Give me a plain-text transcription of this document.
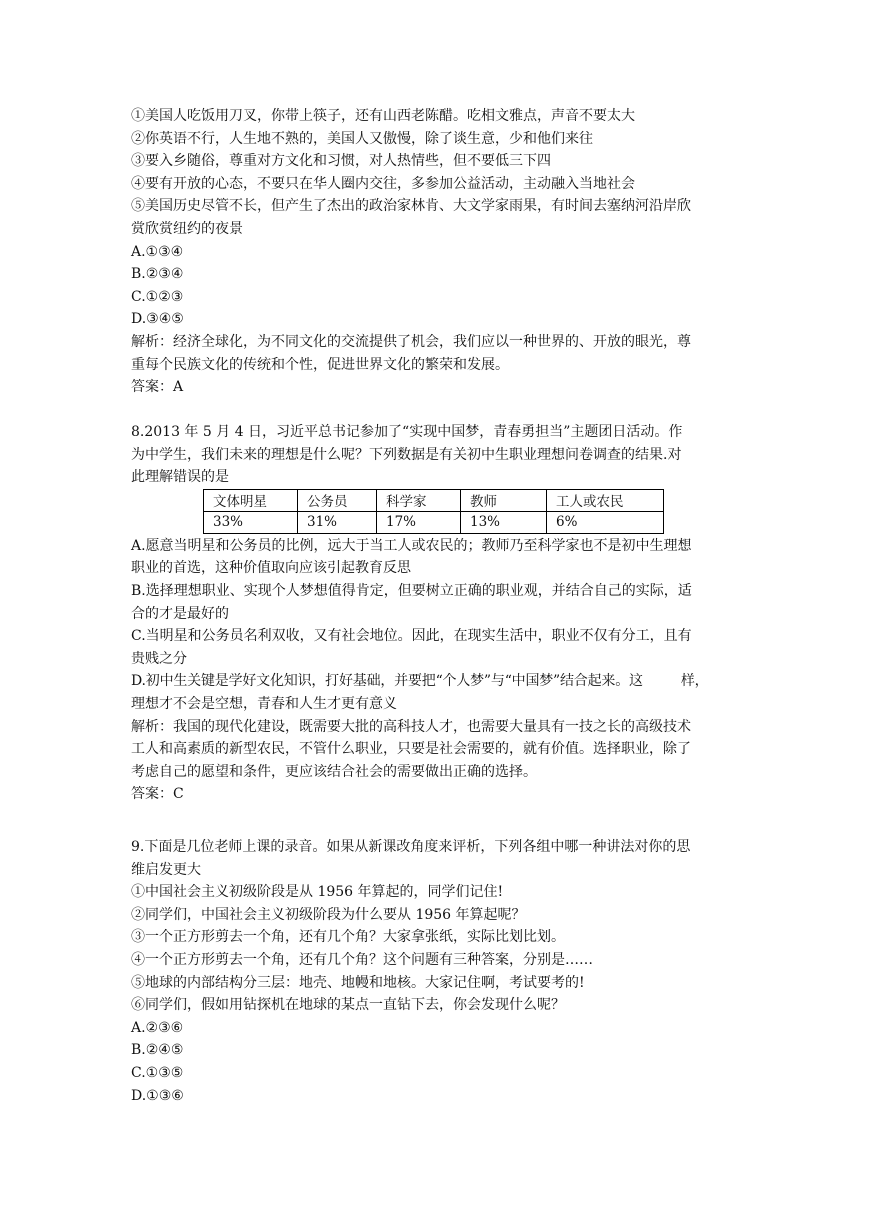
①美国人吃饭用刀叉，你带上筷子，还有山西老陈醋。吃相文雅点，声音不要太大
②你英语不行，人生地不熟的，美国人又傲慢，除了谈生意，少和他们来往
③要入乡随俗，尊重对方文化和习惯，对人热情些，但不要低三下四
④要有开放的心态，不要只在华人圈内交往，多参加公益活动，主动融入当地社会
⑤美国历史尽管不长，但产生了杰出的政治家林肯、大文学家雨果，有时间去塞纳河沿岸欣
赏欣赏纽约的夜景
A.①③④
B.②③④
C.①②③
D.③④⑤
解析：经济全球化，为不同文化的交流提供了机会，我们应以一种世界的、开放的眼光，尊
重每个民族文化的传统和个性，促进世界文化的繁荣和发展。
答案：A
8.2013 年 5 月 4 日，习近平总书记参加了“实现中国梦，青春勇担当”主题团日活动。作
为中学生，我们未来的理想是什么呢？下列数据是有关初中生职业理想问卷调查的结果.对
此理解错误的是
文体明星	公务员	科学家	教师	工人或农民
33%	31%	17%	13%	6%
A.愿意当明星和公务员的比例，远大于当工人或农民的；教师乃至科学家也不是初中生理想
职业的首选，这种价值取向应该引起教育反思
B.选择理想职业、实现个人梦想值得肯定，但要树立正确的职业观，并结合自己的实际，适
合的才是最好的
C.当明星和公务员名利双收，又有社会地位。因此，在现实生活中，职业不仅有分工，且有
贵贱之分
D.初中生关键是学好文化知识，打好基础，并要把“个人梦”与“中国梦”结合起来。这	样，
理想才不会是空想，青春和人生才更有意义
解析：我国的现代化建设，既需要大批的高科技人才，也需要大量具有一技之长的高级技术
工人和高素质的新型农民，不管什么职业，只要是社会需要的，就有价值。选择职业，除了
考虑自己的愿望和条件，更应该结合社会的需要做出正确的选择。
答案：C
9.下面是几位老师上课的录音。如果从新课改角度来评析，下列各组中哪一种讲法对你的思
维启发更大
①中国社会主义初级阶段是从 1956 年算起的，同学们记住!
②同学们，中国社会主义初级阶段为什么要从 1956 年算起呢？
③一个正方形剪去一个角，还有几个角？大家拿张纸，实际比划比划。
④一个正方形剪去一个角，还有几个角？这个问题有三种答案，分别是……
⑤地球的内部结构分三层：地壳、地幔和地核。大家记住啊，考试要考的!
⑥同学们，假如用钻探机在地球的某点一直钻下去，你会发现什么呢？
A.②③⑥
B.②④⑤
C.①③⑤
D.①③⑥
